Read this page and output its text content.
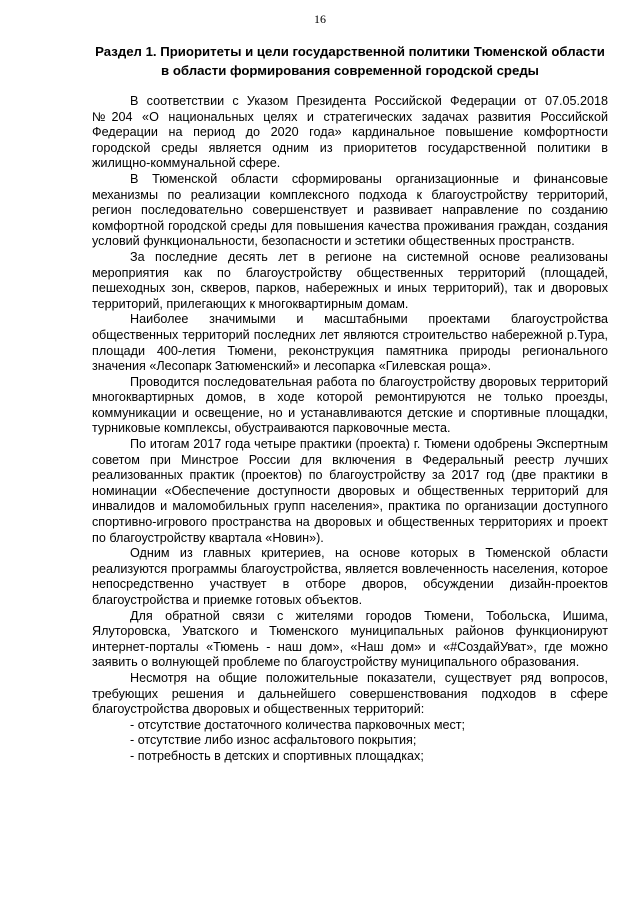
16
Раздел 1. Приоритеты и цели государственной политики Тюменской области в области формирования современной городской среды

В соответствии с Указом Президента Российской Федерации от 07.05.2018 №204 «О национальных целях и стратегических задачах развития Российской Федерации на период до 2020 года» кардинальное повышение комфортности городской среды является одним из приоритетов государственной политики в жилищно-коммунальной сфере.

В Тюменской области сформированы организационные и финансовые механизмы по реализации комплексного подхода к благоустройству территорий, регион последовательно совершенствует и развивает направление по созданию комфортной городской среды для повышения качества проживания граждан, создания условий функциональности, безопасности и эстетики общественных пространств.

За последние десять лет в регионе на системной основе реализованы мероприятия как по благоустройству общественных территорий (площадей, пешеходных зон, скверов, парков, набережных и иных территорий), так и дворовых территорий, прилегающих к многоквартирным домам.

Наиболее значимыми и масштабными проектами благоустройства общественных территорий последних лет являются строительство набережной р.Тура, площади 400-летия Тюмени, реконструкция памятника природы регионального значения «Лесопарк Затюменский» и лесопарка «Гилевская роща».

Проводится последовательная работа по благоустройству дворовых территорий многоквартирных домов, в ходе которой ремонтируются не только проезды, коммуникации и освещение, но и устанавливаются детские и спортивные площадки, турниковые комплексы, обустраиваются парковочные места.

По итогам 2017 года четыре практики (проекта) г. Тюмени одобрены Экспертным советом при Минстрое России для включения в Федеральный реестр лучших реализованных практик (проектов) по благоустройству за 2017 год (две практики в номинации «Обеспечение доступности дворовых и общественных территорий для инвалидов и маломобильных групп населения», практика по организации доступного спортивно-игрового пространства на дворовых и общественных территориях и проект по благоустройству квартала «Новин»).

Одним из главных критериев, на основе которых в Тюменской области реализуются программы благоустройства, является вовлеченность населения, которое непосредственно участвует в отборе дворов, обсуждении дизайн-проектов благоустройства и приемке готовых объектов.

Для обратной связи с жителями городов Тюмени, Тобольска, Ишима, Ялуторовска, Уватского и Тюменского муниципальных районов функционируют интернет-порталы «Тюмень - наш дом», «Наш дом» и «#СоздайУват», где можно заявить о волнующей проблеме по благоустройству муниципального образования.

Несмотря на общие положительные показатели, существует ряд вопросов, требующих решения и дальнейшего совершенствования подходов в сфере благоустройства дворовых и общественных территорий:

- отсутствие достаточного количества парковочных мест;

- отсутствие либо износ асфальтового покрытия;

- потребность в детских и спортивных площадках;
